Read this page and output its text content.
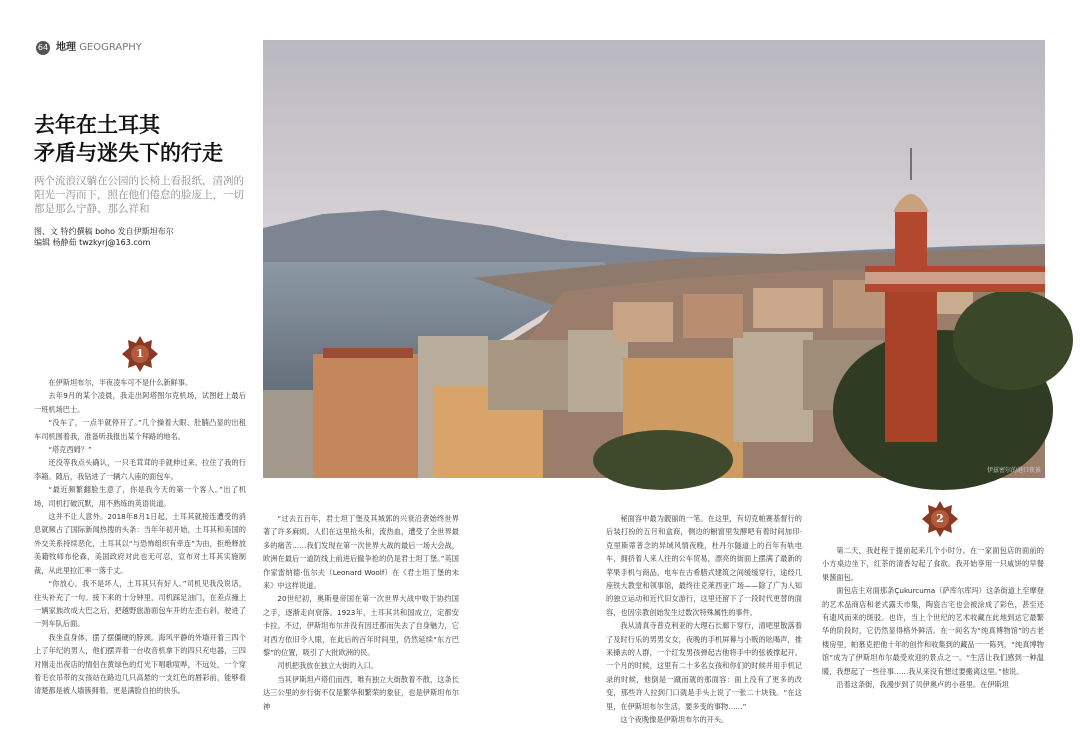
64 地理 GEOGRAPHY
去年在土耳其
矛盾与迷失下的行走
两个流浪汉躺在公园的长椅上看报纸，清冽的阳光一泻而下，照在他们倦怠的脸庞上，一切都是那么宁静、那么祥和
图、文 特约撰稿 boho 发自伊斯坦布尔
编辑 杨静茹 twzkyrj@163.com
伊兹密尔的港口夜景
1
2

在伊斯坦布尔，半夜凌车可不是什么新鲜事。

去年9月的某个凌晨，我走出阿塔图尔克机场，试图赶上最后一班机场巴士。

“没车了，一点半就停开了。”几个操着大眼、肚腩凸显的出租车司机围着我，准备听我报出某个拜路的地名。

“塔克西姆？”

还没等我点头确认，一只毛茸茸的手就伸过来，拉住了我的行李箱。随后，我钻进了一辆六人座的面包车。

“最近频繁翻脸生意了，你是我今天的第一个客人。”出了机场，司机打破沉默，用不熟练的英语说道。

这并不让人意外。2018年8月1日起，土耳其就接连遭受的消息就频占了国际新闻热搜的头条：当年年初开始，土耳其和美国的外交关系持续恶化，土耳其以“与恐怖组织有牵连”为由，拒绝释放美籍牧师布伦森，美国政府对此也无可忍，宣布对土耳其实施制裁，从此里拉汇率一落千丈。

“你放心，我不是坏人，土耳其只有好人。”司机见我没说话，往头补充了一句。接下来的十分钟里，司机踩足油门，在差点撞上一辆家族改成大巴之后，把越野旅游面包车开的左歪右斜，驶进了一列车队后面。

我坐直身体，摆了摆僵硬的脖颈。海风平静的外墙开着三四个上了年纪的男人，他们摆弄着一台收音机拿下的四只充电器，三四对刚走出夜店的情侣在黄绿色的灯光下唱歌喧哗，不远处，一个穿着毛衣吊带的女孩站在路边几只高悬的一支红色的唇彩前，能够看清楚都是被人墙簇拥着，更是满脸自拍的快乐。

“过去五百年，君士坦丁堡及其城郭的兴衰沿袭始终世界著了许多麻烦。人们在这里抢头和，流热血，遭受了全世界最多的痛苦……我们发现在第一次世界大战的最后一场大会战，欧洲在最后一道防线上前进后撤争抢的仍是君士坦丁堡。”英国作家雷纳德·伍尔夫（Leonard Woolf）在《君士坦丁堡的未来》中这样说道。

20世纪初，奥斯曼帝国在第一次世界大战中败于协约国之手，逐渐走向衰落。1923年，土耳其共和国成立，定都安卡拉。不过，伊斯坦布尔并没有因迁都而失去了自身魅力，它对西方依旧令人眼，在此后的百年时间里，仍然延续“东方巴黎”的位置，吸引了大批欧洲的民。

司机把我放在独立大街的入口。

当其伊斯坦卢塔们而西，唯有独立大街散着不散，这条长达三公里的步行街不仅是繁华和繁荣的象征，也是伊斯坦布尔神

秘面容中最为靓丽的一笔。在这里，有切克帕赛基督行的后装打扮的五月和盒商，侧边的橱窗里发酵吧有着时间加印·克里斯蒂普念的异域风情夜晚，杜丹尔隧道上的百年有轨电车，拥挤着人来人往的公车贸易，漂亮的街面上摆满了最新的苹果手机与商品，电车在古希腊式建筑之间缓缓穿行，途经几座铁大教堂和领事馆，最终往克莱西亚广场——除了广为人知的独立运动和近代旧女游行，这里还留下了一段时代更替的面容，也因宗教创始发生过数次特殊属性的事件。

我从清真寺普克利亚的大理石长廊下穿行，清吧里散落着了及时行乐的男男女女，夜晚的手机屏幕与小贩的吆喝声，推来搡去的人群，一个红发男孩弹起吉他将手中的弦被撑起开。一个月的时候，这里有二十多名女孩和你们的时候并用手机记录的时候，他倒是一蹴而就的那面容：面上没有了更多的改变，那些许人拉到门口就是手头上说了一张二十块钱。“在这里，在伊斯坦布尔生活，要多变的事物……”

这个夜晚像是伊斯坦布尔的开头。

第二天，我赶程于提前起来几个小时分。在一家面包店的面前的小方桌边坐下，红茶的清香勾起了食欲。我开始享用一只咸饼的早餐果酱面包。

面包店主对面那条Çukurcuma（萨库尔库玛）这条街道上至摩登的艺术品商店和老式露天市集，陶瓷古宅也会被涂成了彩色，甚至还有遗风而来的斑驳。也许，当上个世纪的艺术收藏在此地到达它最繁华的阶段时，它仍然显得格外鲜活。在一间名为“纯真博物馆”的古老楼房里，帕慕克把他十年的创作和收集到的藏品一一陈列，“纯真博物馆”成为了伊斯坦布尔最受欢迎的景点之一。“生活让我们感到一种温暖，我想起了一些往事……我从来没有想过要搬离这里。”他说。

沿着这条街，我漫步到了贝伊奥卢的小巷里。在伊斯坦
